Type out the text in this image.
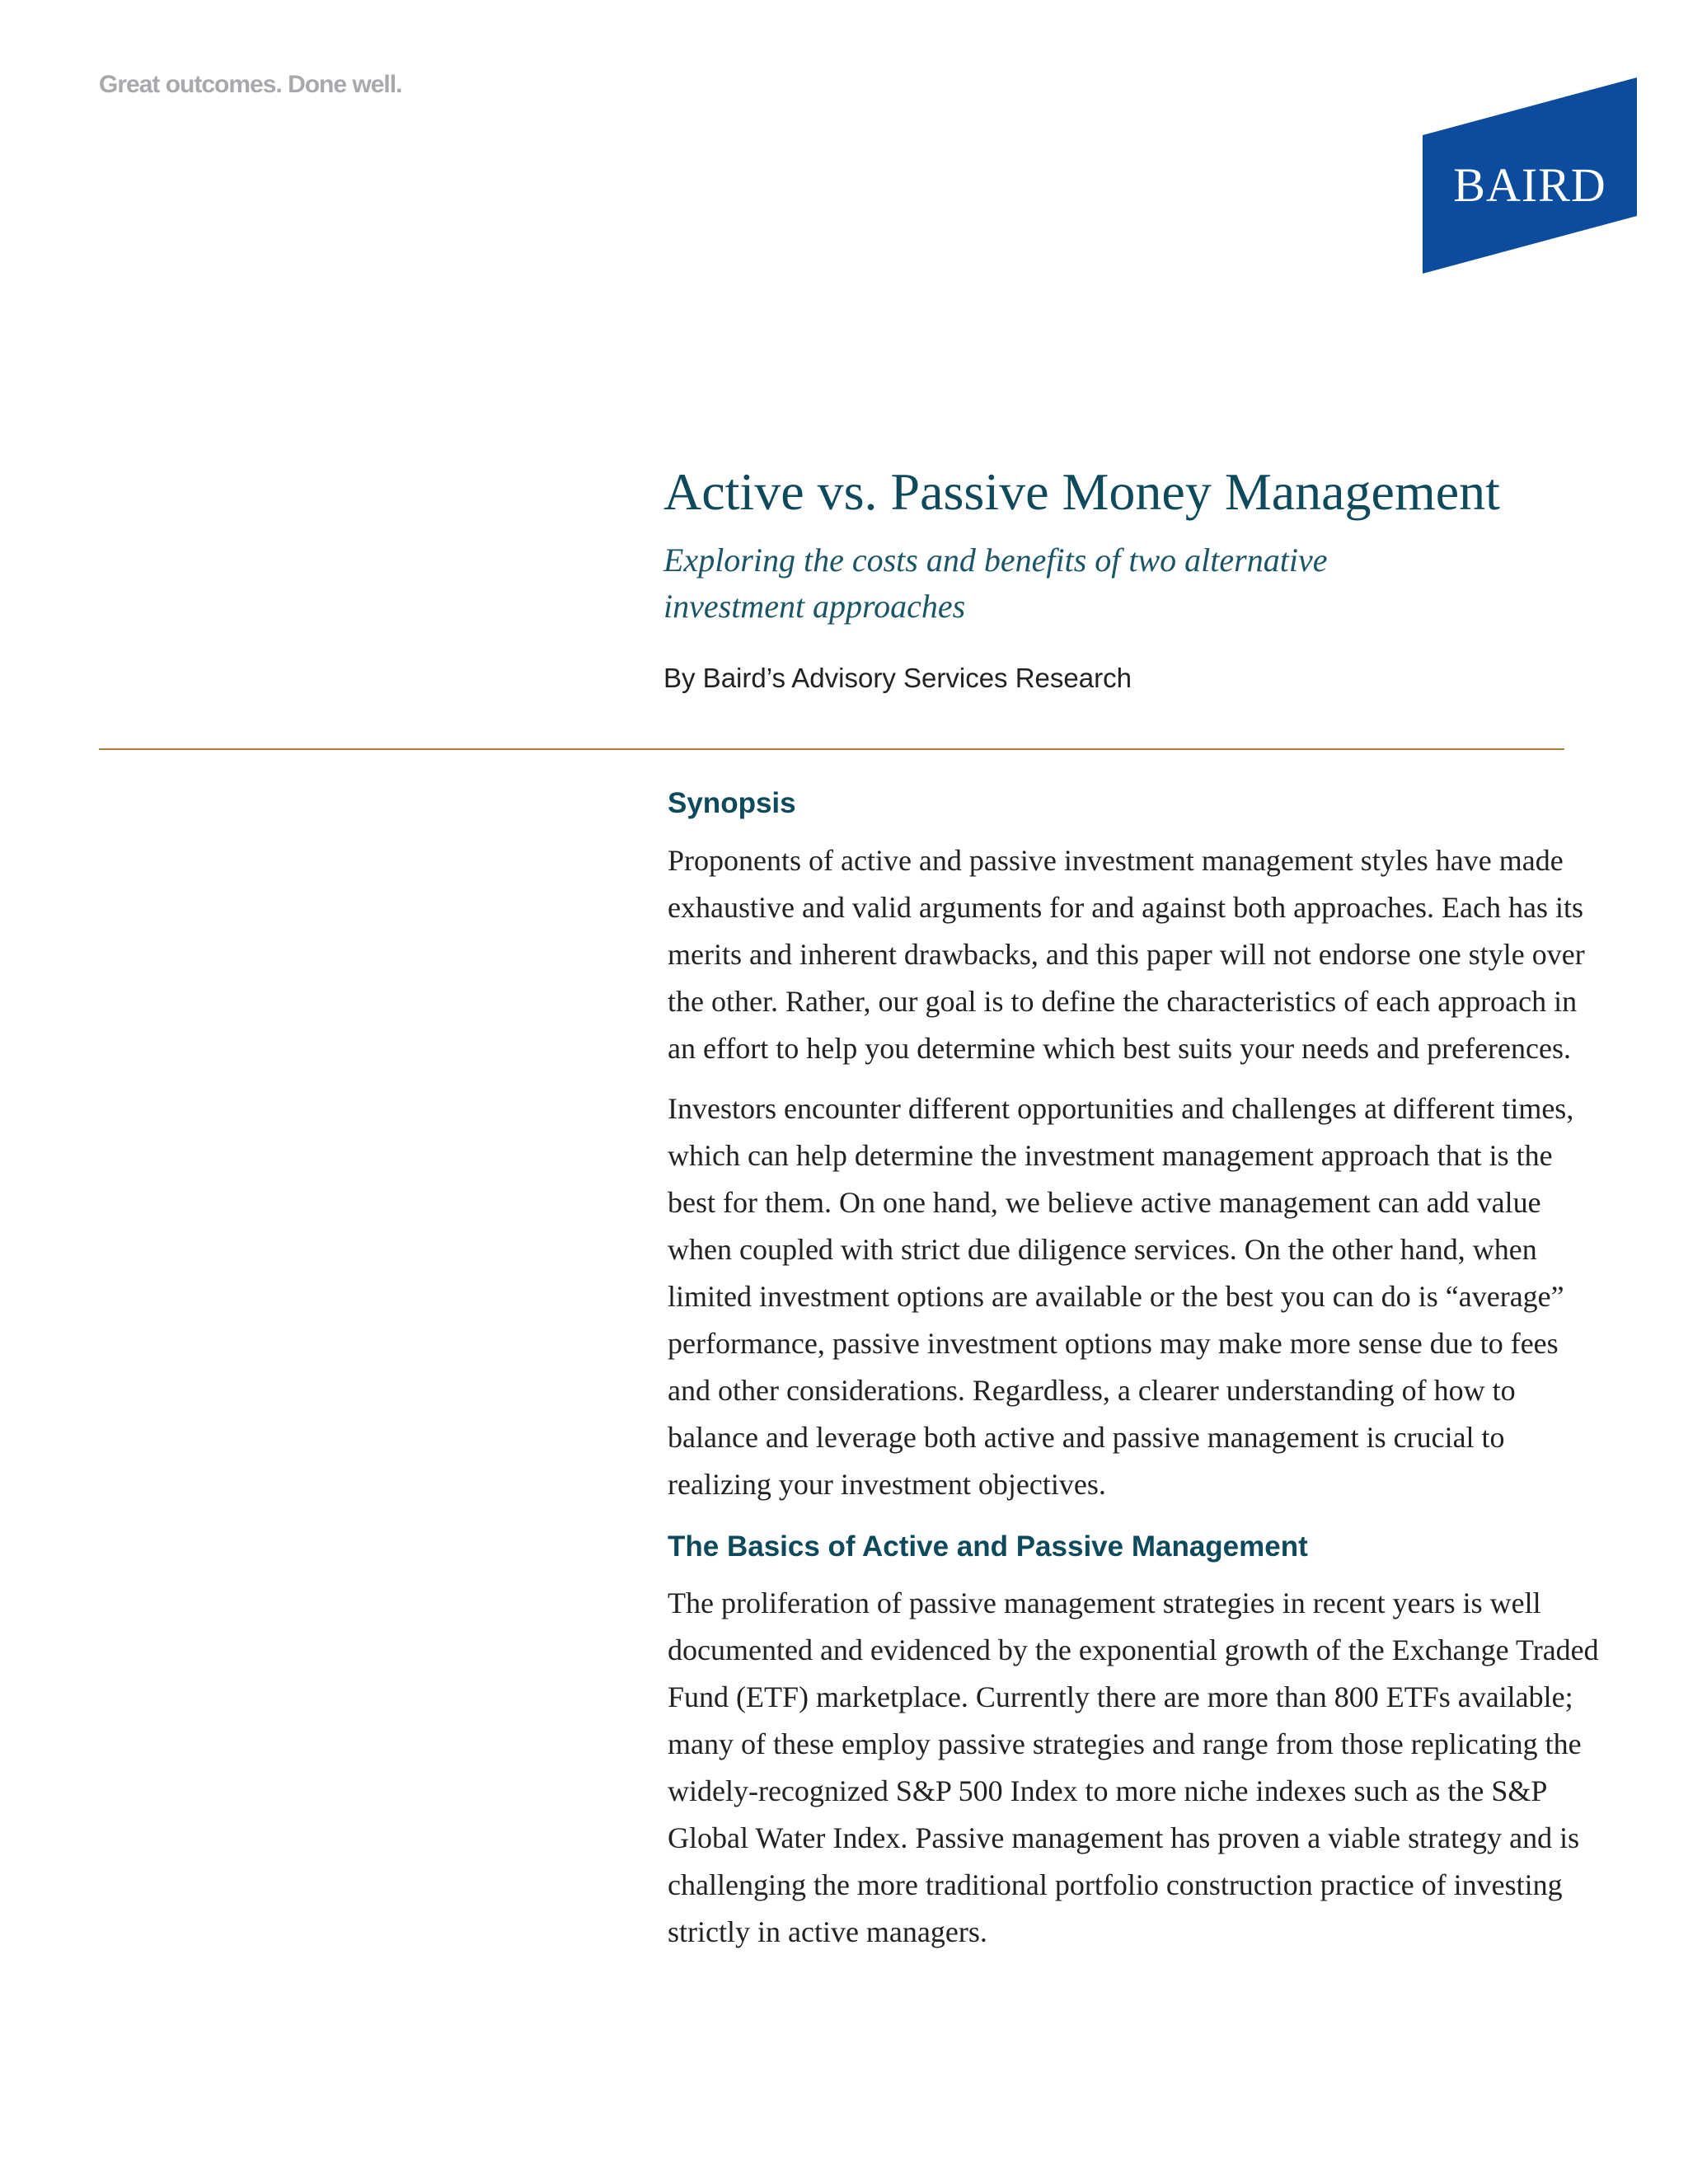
Great outcomes. Done well.
BAIRD
Active vs. Passive Money Management

Exploring the costs and benefits of two alternative investment approaches

By Baird’s Advisory Services Research

Synopsis

Proponents of active and passive investment management styles have made exhaustive and valid arguments for and against both approaches. Each has its merits and inherent drawbacks, and this paper will not endorse one style over the other. Rather, our goal is to define the characteristics of each approach in an effort to help you determine which best suits your needs and preferences.

Investors encounter different opportunities and challenges at different times, which can help determine the investment management approach that is the best for them. On one hand, we believe active management can add value when coupled with strict due diligence services. On the other hand, when limited investment options are available or the best you can do is “average” performance, passive investment options may make more sense due to fees and other considerations. Regardless, a clearer understanding of how to balance and leverage both active and passive management is crucial to realizing your investment objectives.

The Basics of Active and Passive Management

The proliferation of passive management strategies in recent years is well documented and evidenced by the exponential growth of the Exchange Traded Fund (ETF) marketplace. Currently there are more than 800 ETFs available; many of these employ passive strategies and range from those replicating the widely-recognized S&P 500 Index to more niche indexes such as the S&P Global Water Index. Passive management has proven a viable strategy and is challenging the more traditional portfolio construction practice of investing strictly in active managers.
